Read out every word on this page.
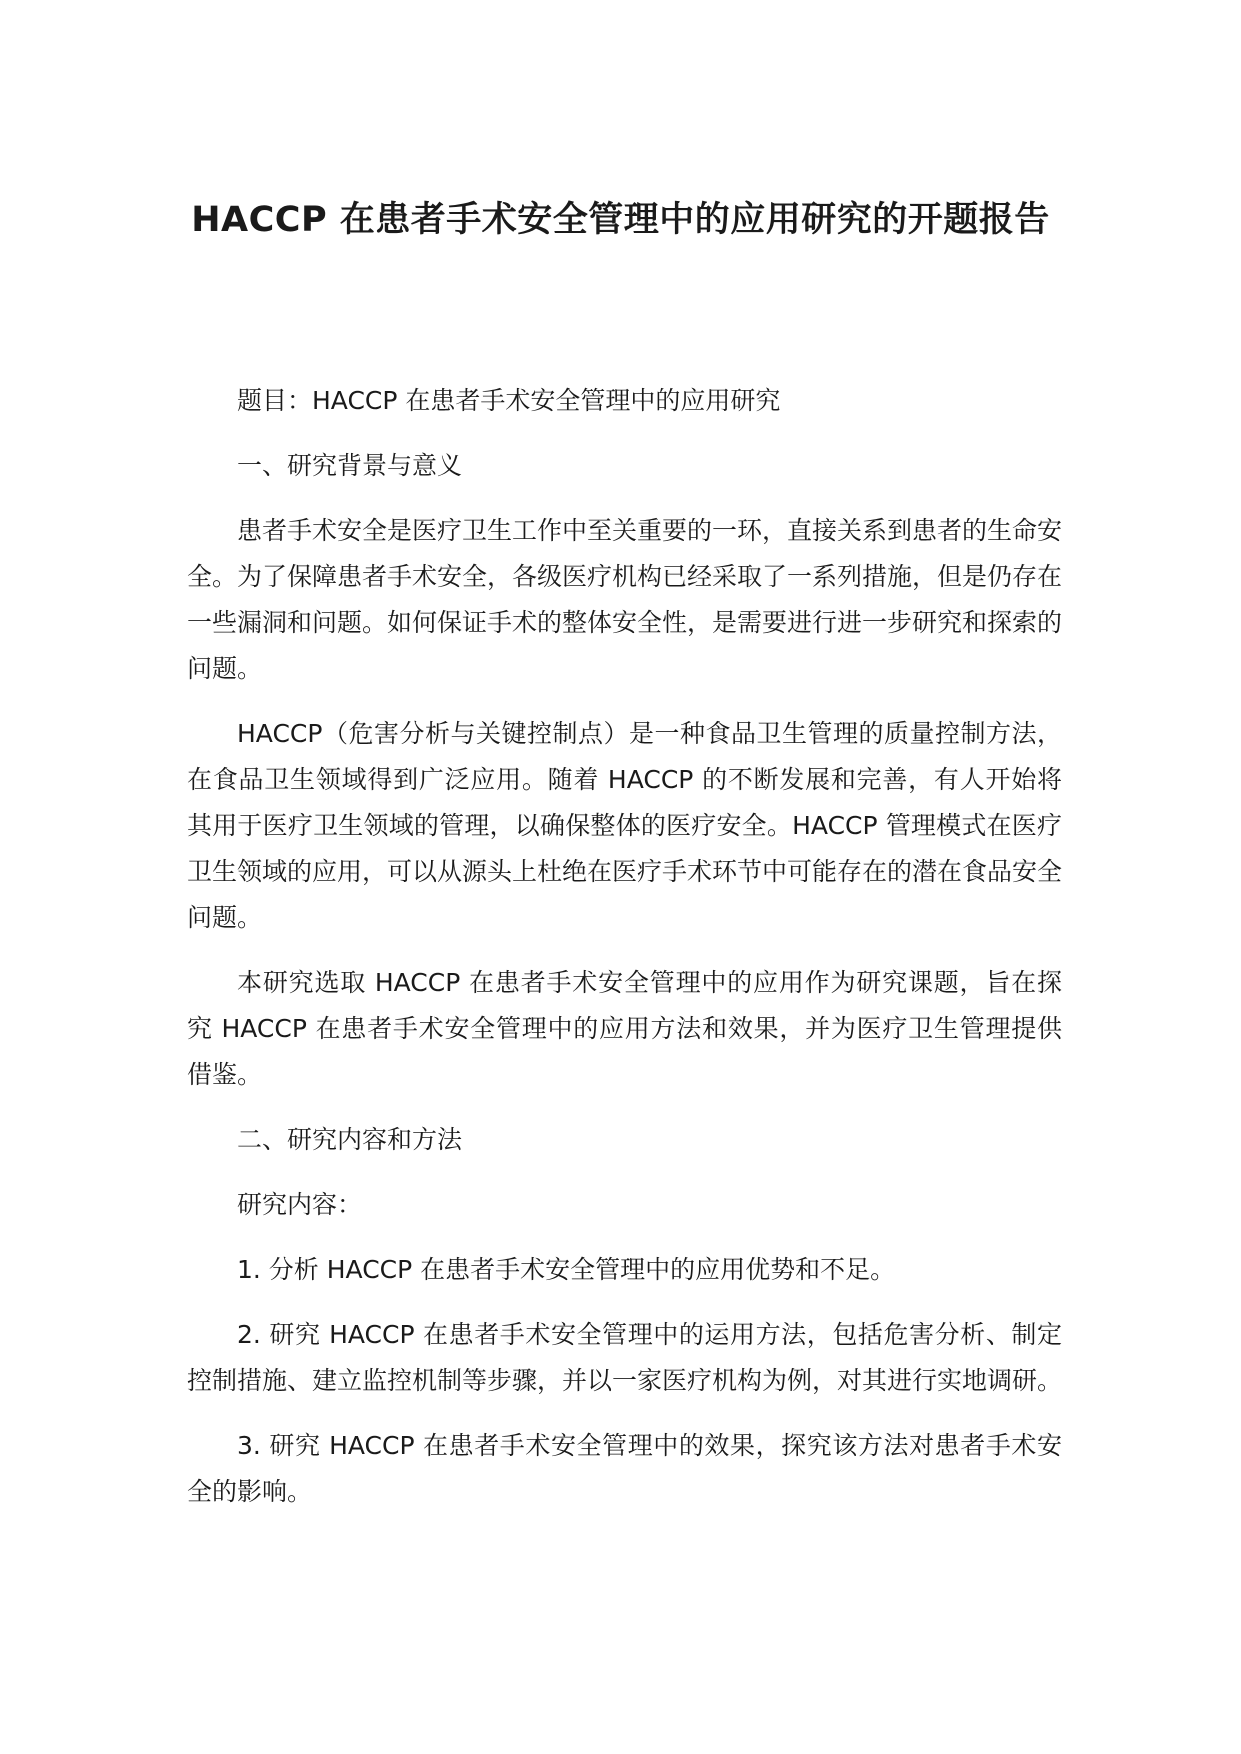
HACCP 在患者手术安全管理中的应用研究的开题报告

题目：HACCP 在患者手术安全管理中的应用研究

一、研究背景与意义

患者手术安全是医疗卫生工作中至关重要的一环，直接关系到患者的生命安全。为了保障患者手术安全，各级医疗机构已经采取了一系列措施，但是仍存在一些漏洞和问题。如何保证手术的整体安全性，是需要进行进一步研究和探索的问题。

HACCP（危害分析与关键控制点）是一种食品卫生管理的质量控制方法，在食品卫生领域得到广泛应用。随着 HACCP 的不断发展和完善，有人开始将其用于医疗卫生领域的管理，以确保整体的医疗安全。HACCP 管理模式在医疗卫生领域的应用，可以从源头上杜绝在医疗手术环节中可能存在的潜在食品安全问题。

本研究选取 HACCP 在患者手术安全管理中的应用作为研究课题，旨在探究 HACCP 在患者手术安全管理中的应用方法和效果，并为医疗卫生管理提供借鉴。

二、研究内容和方法

研究内容：

1. 分析 HACCP 在患者手术安全管理中的应用优势和不足。

2. 研究 HACCP 在患者手术安全管理中的运用方法，包括危害分析、制定控制措施、建立监控机制等步骤，并以一家医疗机构为例，对其进行实地调研。

3. 研究 HACCP 在患者手术安全管理中的效果，探究该方法对患者手术安全的影响。
